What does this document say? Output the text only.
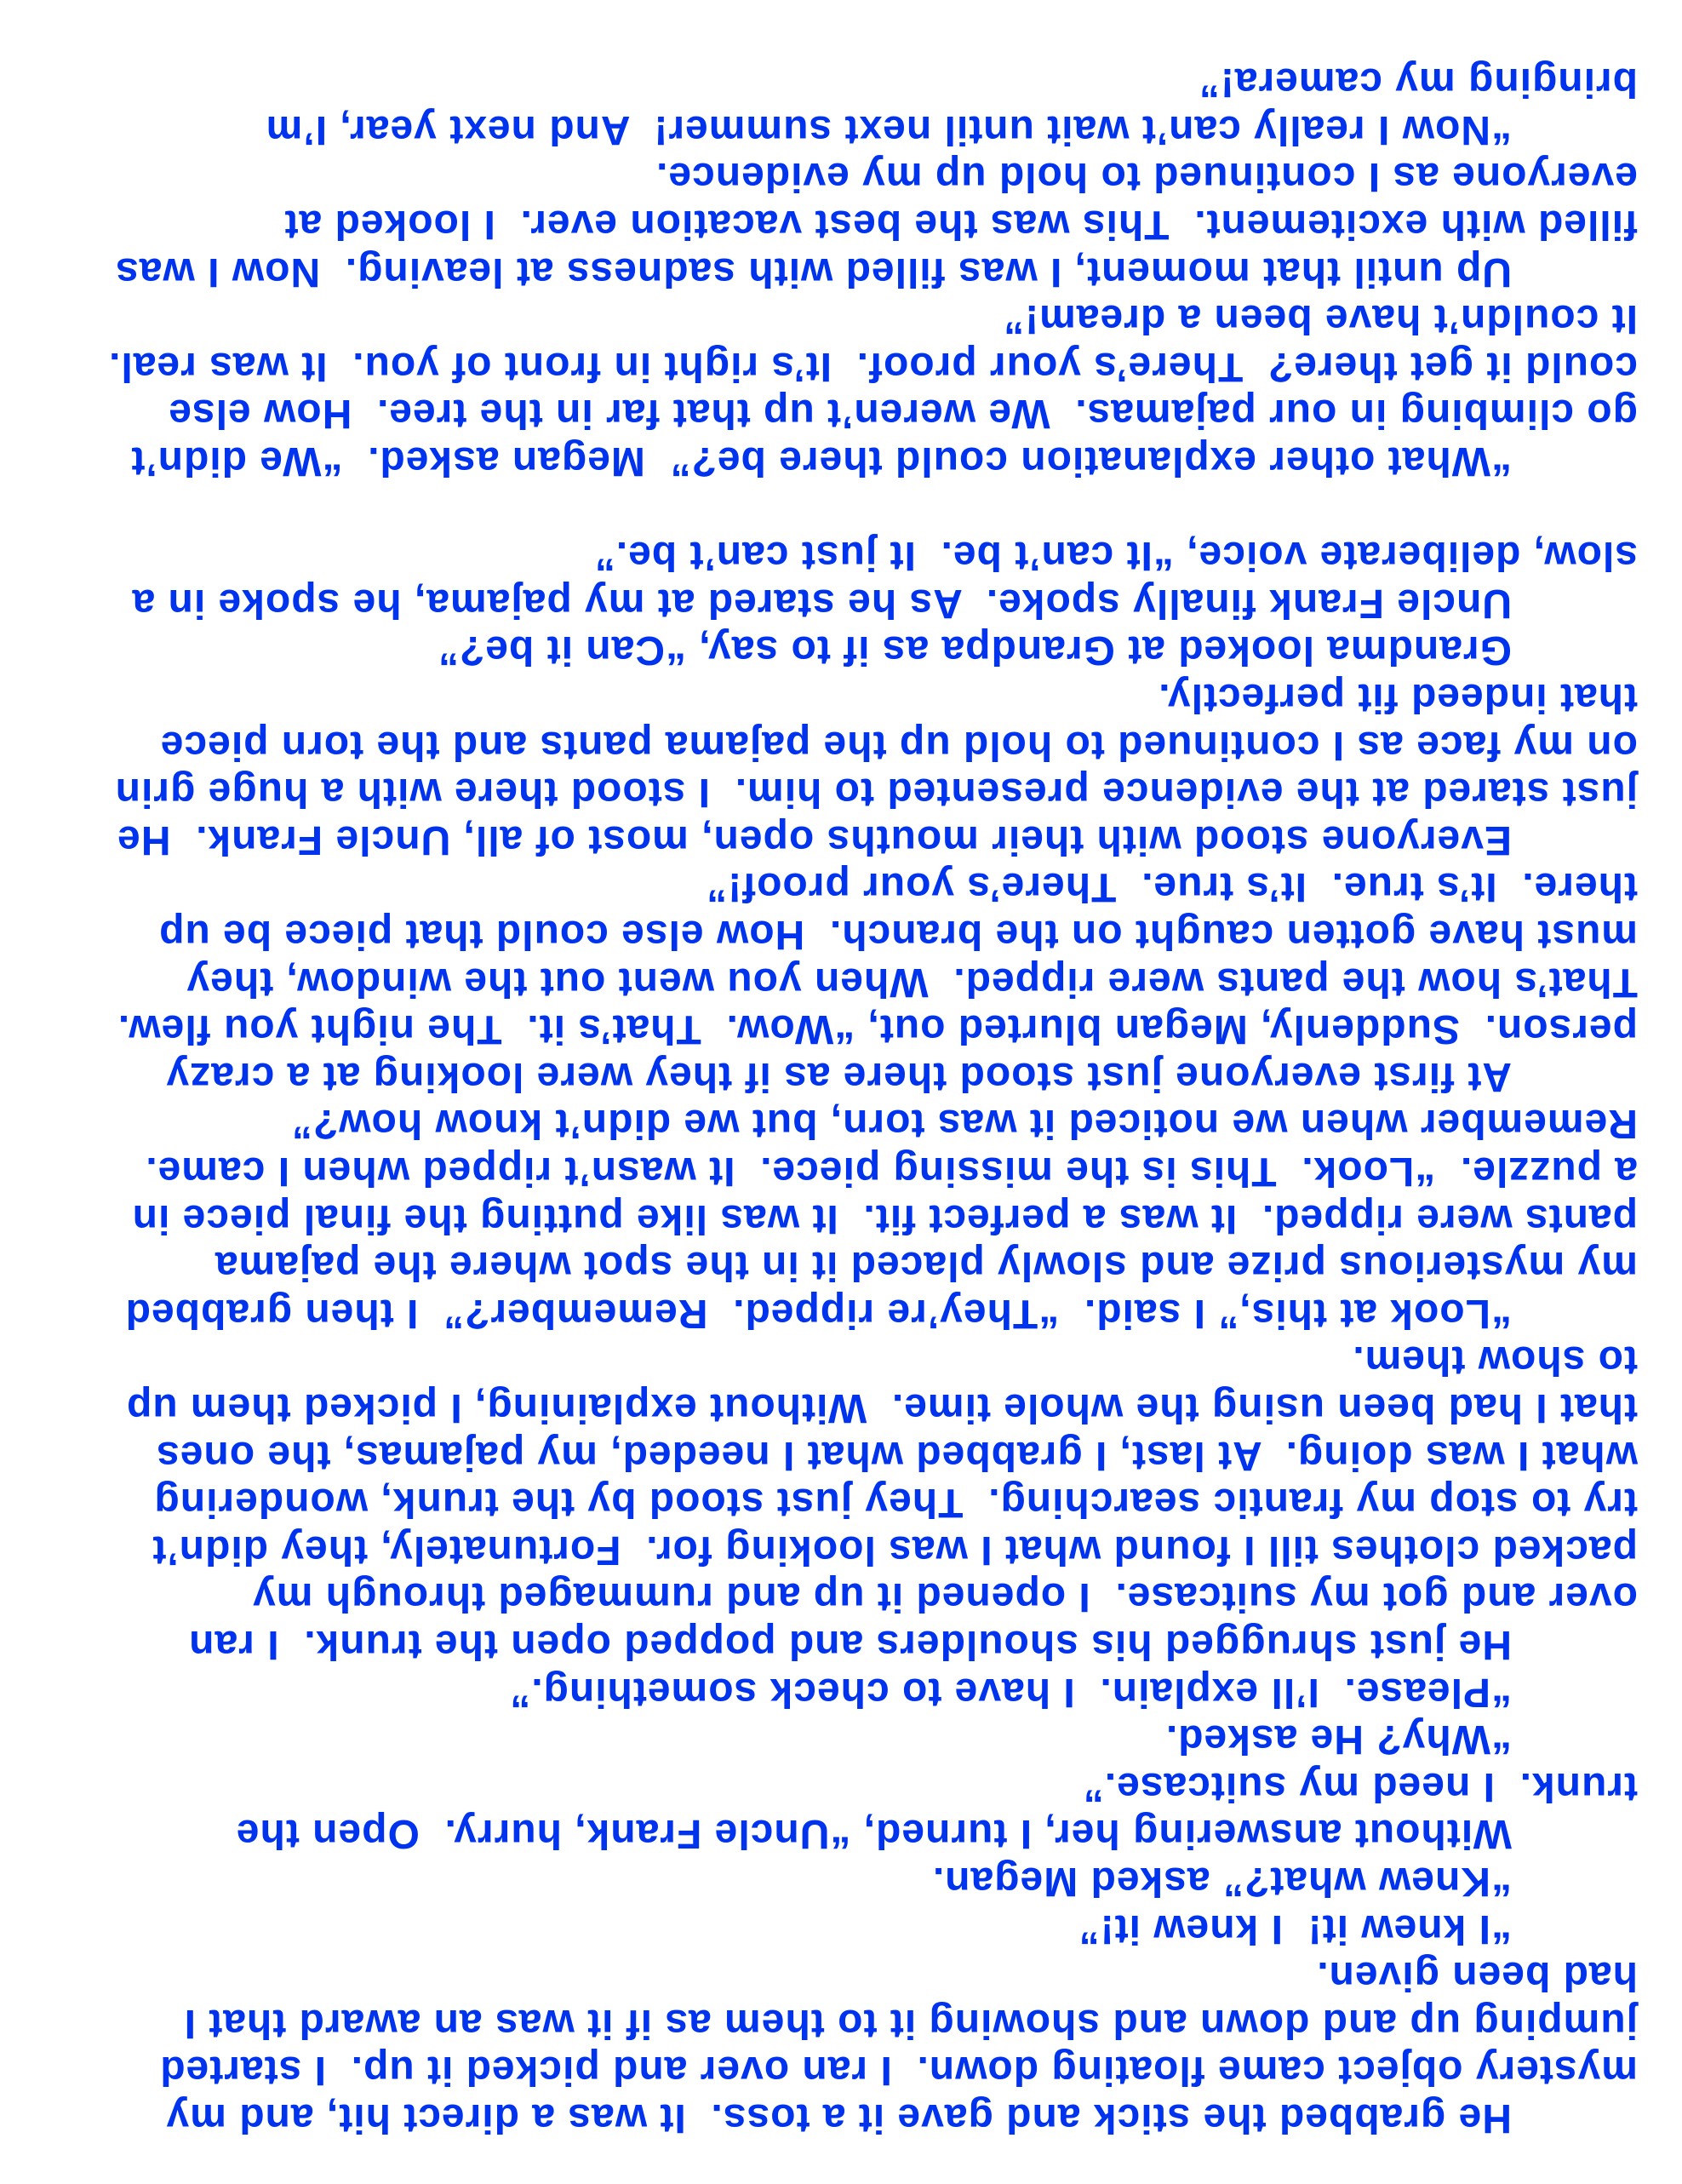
He grabbed the stick and gave it a toss.  It was a direct hit, and my
mystery object came floating down.  I ran over and picked it up.  I started
jumping up and down and showing it to them as if it was an award that I
had been given.
“I knew it!  I knew it!”
“Knew what?” asked Megan.
Without answering her, I turned, “Uncle Frank, hurry.  Open the
trunk.  I need my suitcase.”
“Why? He asked.
“Please.  I’ll explain.  I have to check something.”
He just shrugged his shoulders and popped open the trunk.  I ran
over and got my suitcase.  I opened it up and rummaged through my
packed clothes till I found what I was looking for.  Fortunately, they didn’t
try to stop my frantic searching.  They just stood by the trunk, wondering
what I was doing.  At last, I grabbed what I needed, my pajamas, the ones
that I had been using the whole time.  Without explaining, I picked them up
to show them.
“Look at this,” I said.  “They’re ripped.  Remember?”  I then grabbed
my mysterious prize and slowly placed it in the spot where the pajama
pants were ripped.  It was a perfect fit.  It was like putting the final piece in
a puzzle.  “Look.  This is the missing piece.  It wasn’t ripped when I came.
Remember when we noticed it was torn, but we didn’t know how?”
At first everyone just stood there as if they were looking at a crazy
person.  Suddenly, Megan blurted out, “Wow.  That’s it.  The night you flew.
That’s how the pants were ripped.  When you went out the window, they
must have gotten caught on the branch.  How else could that piece be up
there.  It’s true.  It’s true.  There’s your proof!”
Everyone stood with their mouths open, most of all, Uncle Frank.  He
just stared at the evidence presented to him.  I stood there with a huge grin
on my face as I continued to hold up the pajama pants and the torn piece
that indeed fit perfectly.
Grandma looked at Grandpa as if to say, “Can it be?”
Uncle Frank finally spoke.  As he stared at my pajama, he spoke in a
slow, deliberate voice, “It can’t be.  It just can’t be.”
“What other explanation could there be?”  Megan asked.  “We didn’t
go climbing in our pajamas.  We weren’t up that far in the tree.  How else
could it get there?  There’s your proof.  It’s right in front of you.  It was real.
It couldn’t have been a dream!”
Up until that moment, I was filled with sadness at leaving.  Now I was
filled with excitement.  This was the best vacation ever.  I looked at
everyone as I continued to hold up my evidence.
“Now I really can’t wait until next summer!  And next year, I’m
bringing my camera!”
